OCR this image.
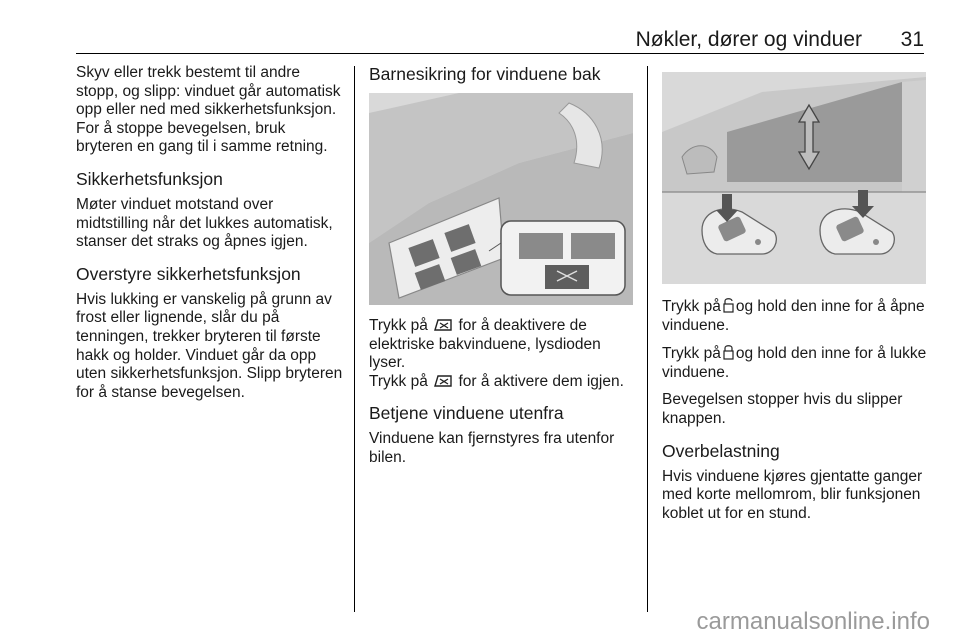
Nøkler, dører og vinduer 31

Skyv eller trekk bestemt til andre stopp, og slipp: vinduet går automatisk opp eller ned med sikkerhetsfunksjon. For å stoppe bevegelsen, bruk bryteren en gang til i samme retning.

Sikkerhetsfunksjon

Møter vinduet motstand over midtstilling når det lukkes automatisk, stanser det straks og åpnes igjen.

Overstyre sikkerhetsfunksjon

Hvis lukking er vanskelig på grunn av frost eller lignende, slår du på tenningen, trekker bryteren til første hakk og holder. Vinduet går da opp uten sikkerhetsfunksjon. Slipp bryteren for å stanse bevegelsen.

Barnesikring for vinduene bak

Trykk på for å deaktivere de elektriske bakvinduene, lysdioden lyser.
Trykk på for å aktivere dem igjen.

Betjene vinduene utenfra

Vinduene kan fjernstyres fra utenfor bilen.

Trykk på og hold den inne for å åpne vinduene.

Trykk på og hold den inne for å lukke vinduene.

Bevegelsen stopper hvis du slipper knappen.

Overbelastning

Hvis vinduene kjøres gjentatte ganger med korte mellomrom, blir funksjonen koblet ut for en stund.

carmanualsonline.info
